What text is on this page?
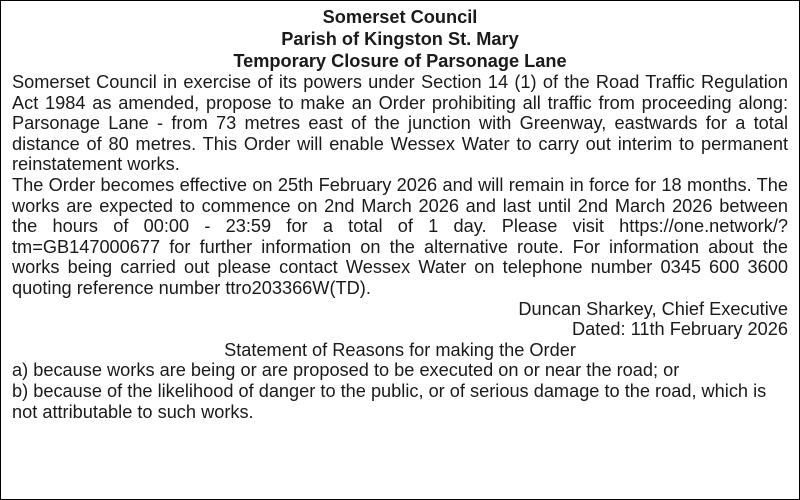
Somerset Council

Parish of Kingston St. Mary

Temporary Closure of Parsonage Lane

Somerset Council in exercise of its powers under Section 14 (1) of the Road Traffic Regulation Act 1984 as amended, propose to make an Order prohibiting all traffic from proceeding along: Parsonage Lane - from 73 metres east of the junction with Greenway, eastwards for a total distance of 80 metres. This Order will enable Wessex Water to carry out interim to permanent reinstatement works.

The Order becomes effective on 25th February 2026 and will remain in force for 18 months. The works are expected to commence on 2nd March 2026 and last until 2nd March 2026 between the hours of 00:00 - 23:59 for a total of 1 day. Please visit https://one.network/?tm=GB147000677 for further information on the alternative route. For information about the works being carried out please contact Wessex Water on telephone number 0345 600 3600 quoting reference number ttro203366W(TD).

Duncan Sharkey, Chief Executive

Dated: 11th February 2026

Statement of Reasons for making the Order

a) because works are being or are proposed to be executed on or near the road; or

b) because of the likelihood of danger to the public, or of serious damage to the road, which is not attributable to such works.
